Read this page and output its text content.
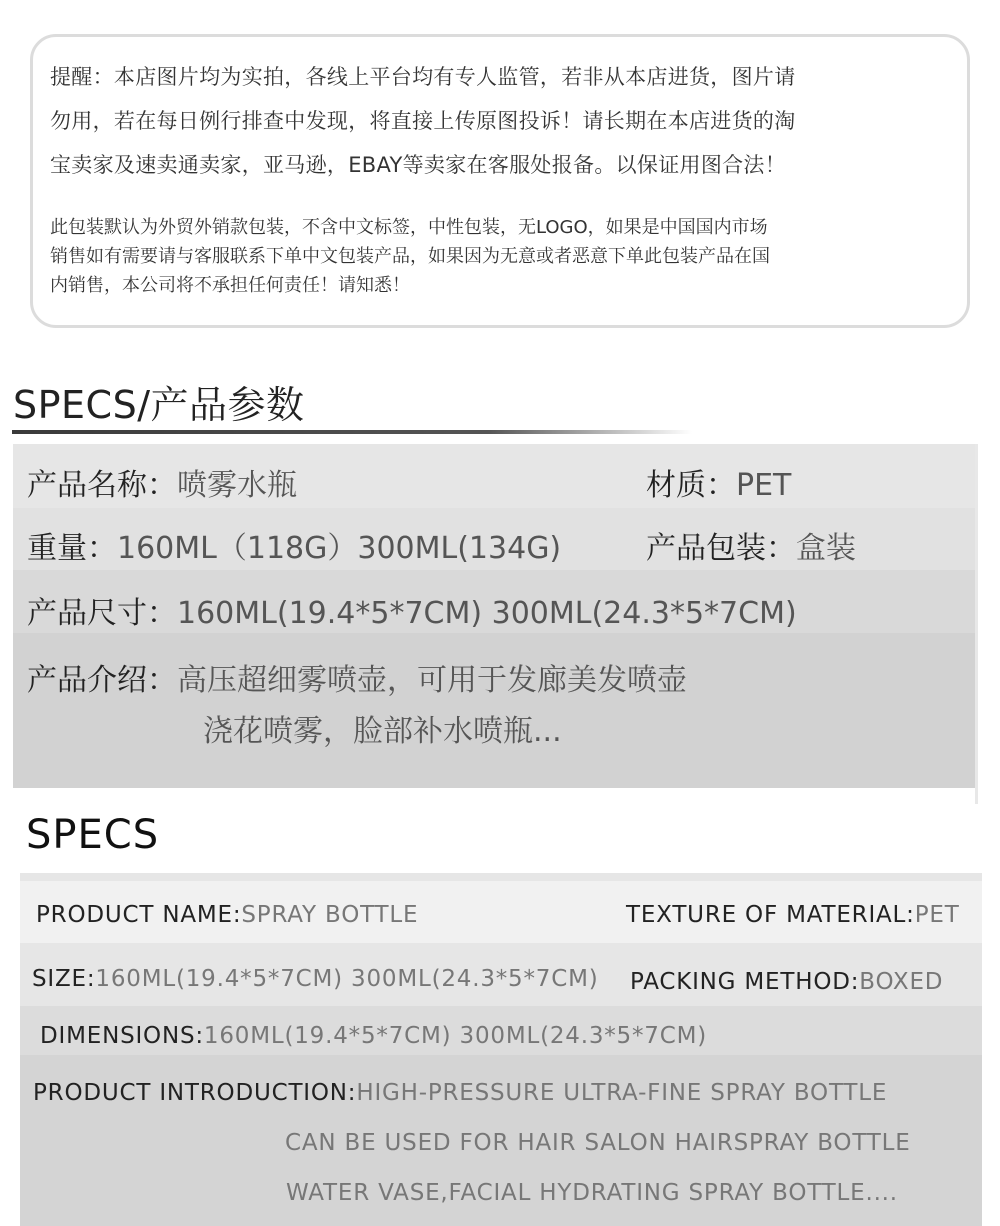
提醒：本店图片均为实拍，各线上平台均有专人监管，若非从本店进货，图片请
勿用，若在每日例行排查中发现，将直接上传原图投诉！请长期在本店进货的淘
宝卖家及速卖通卖家，亚马逊，EBAY等卖家在客服处报备。以保证用图合法！

此包装默认为外贸外销款包装，不含中文标签，中性包装，无LOGO，如果是中国国内市场
销售如有需要请与客服联系下单中文包装产品，如果因为无意或者恶意下单此包装产品在国
内销售，本公司将不承担任何责任！请知悉！

SPECS/产品参数
产品名称：喷雾水瓶	材质：PET
重量：160ML（118G）300ML(134G)	产品包装：盒装
产品尺寸：160ML(19.4*5*7CM) 300ML(24.3*5*7CM)
产品介绍：高压超细雾喷壶，可用于发廊美发喷壶
浇花喷雾，脸部补水喷瓶...
SPECS
PRODUCT NAME:SPRAY BOTTLE	TEXTURE OF MATERIAL:PET
SIZE:160ML(19.4*5*7CM) 300ML(24.3*5*7CM) PACKING METHOD:BOXED
DIMENSIONS:160ML(19.4*5*7CM) 300ML(24.3*5*7CM)
PRODUCT INTRODUCTION:HIGH-PRESSURE ULTRA-FINE SPRAY BOTTLE
CAN BE USED FOR HAIR SALON HAIRSPRAY BOTTLE
WATER VASE,FACIAL HYDRATING SPRAY BOTTLE....
